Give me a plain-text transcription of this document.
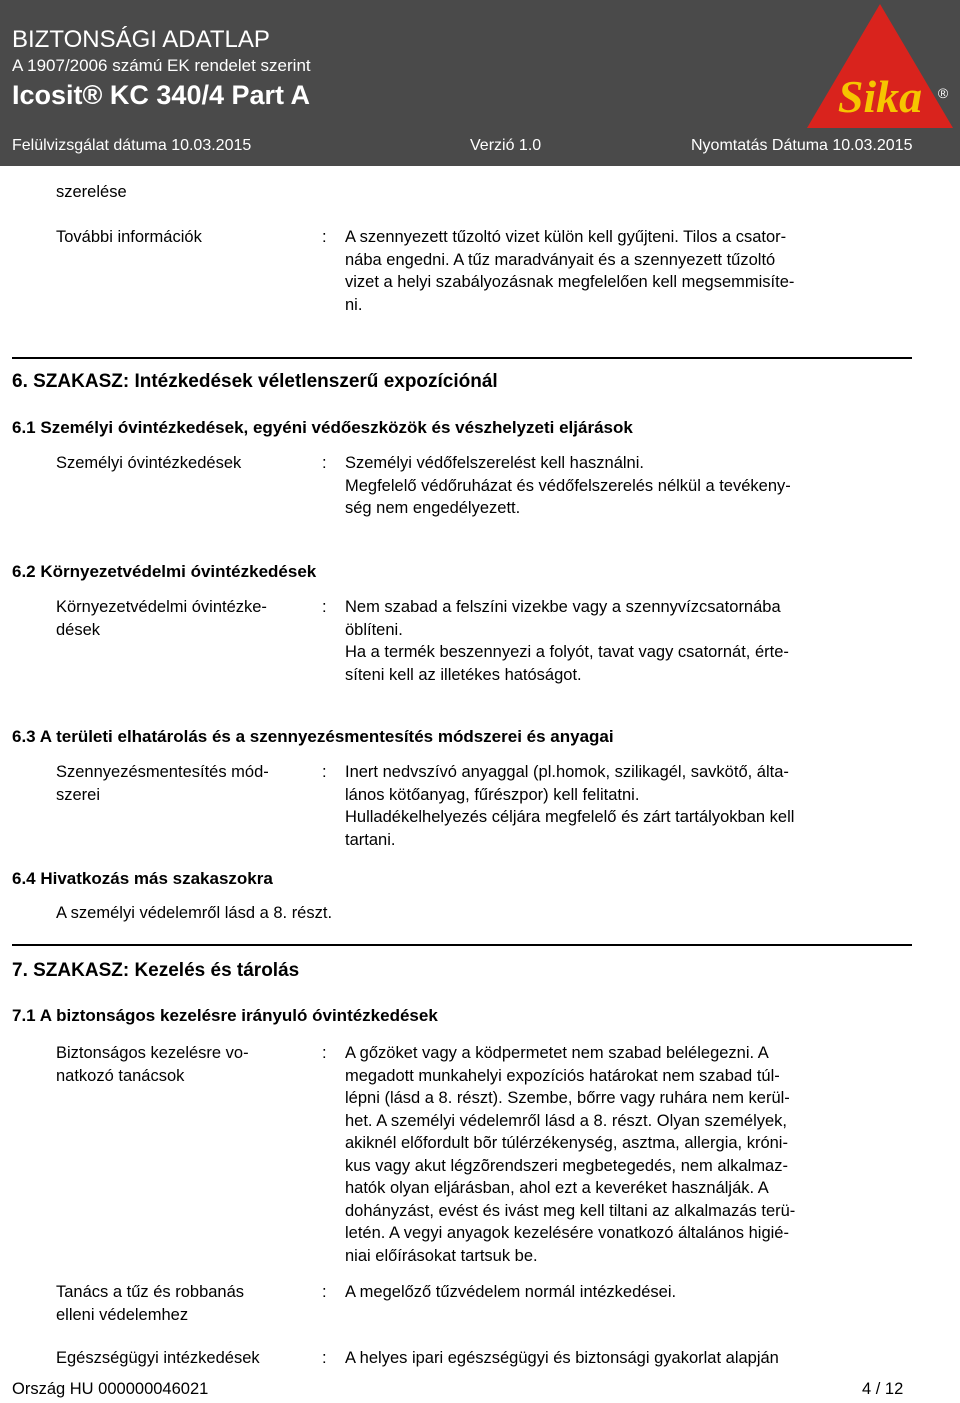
BIZTONSÁGI ADATLAP
A 1907/2006 számú EK rendelet szerint
Icosit® KC 340/4 Part A
Felülvizsgálat dátuma 10.03.2015	Verzió 1.0	Nyomtatás Dátuma 10.03.2015
Sika ®
szerelése
További információk	: A szennyezett tűzoltó vizet külön kell gyűjteni. Tilos a csator-
nába engedni. A tűz maradványait és a szennyezett tűzoltó
vizet a helyi szabályozásnak megfelelően kell megsemmisíte-
ni.
6. SZAKASZ: Intézkedések véletlenszerű expozíciónál
6.1 Személyi óvintézkedések, egyéni védőeszközök és vészhelyzeti eljárások
Személyi óvintézkedések	: Személyi védőfelszerelést kell használni.
Megfelelő védőruházat és védőfelszerelés nélkül a tevékeny-
ség nem engedélyezett.
6.2 Környezetvédelmi óvintézkedések
Környezetvédelmi óvintézke-
dések
: Nem szabad a felszíni vizekbe vagy a szennyvízcsatornába
öblíteni.
Ha a termék beszennyezi a folyót, tavat vagy csatornát, érte-
síteni kell az illetékes hatóságot.
6.3 A területi elhatárolás és a szennyezésmentesítés módszerei és anyagai
Szennyezésmentesítés mód-
szerei
: Inert nedvszívó anyaggal (pl.homok, szilikagél, savkötő, álta-
lános kötőanyag, fűrészpor) kell felitatni.
Hulladékelhelyezés céljára megfelelő és zárt tartályokban kell
tartani.
6.4 Hivatkozás más szakaszokra
A személyi védelemről lásd a 8. részt.
7. SZAKASZ: Kezelés és tárolás
7.1 A biztonságos kezelésre irányuló óvintézkedések
Biztonságos kezelésre vo-
natkozó tanácsok
: A gőzöket vagy a ködpermetet nem szabad belélegezni. A
megadott munkahelyi expozíciós határokat nem szabad túl-
lépni (lásd a 8. részt). Szembe, bőrre vagy ruhára nem kerül-
het. A személyi védelemről lásd a 8. részt. Olyan személyek,
akiknél előfordult bõr túlérzékenység, asztma, allergia, króni-
kus vagy akut légzõrendszeri megbetegedés, nem alkalmaz-
hatók olyan eljárásban, ahol ezt a keveréket használják. A
dohányzást, evést és ivást meg kell tiltani az alkalmazás terü-
letén. A vegyi anyagok kezelésére vonatkozó általános higié-
niai előírásokat tartsuk be.
Tanács a tűz és robbanás
elleni védelemhez
: A megelőző tűzvédelem normál intézkedései.
Egészségügyi intézkedések	: A helyes ipari egészségügyi és biztonsági gyakorlat alapján
Ország HU 000000046021	4 / 12
